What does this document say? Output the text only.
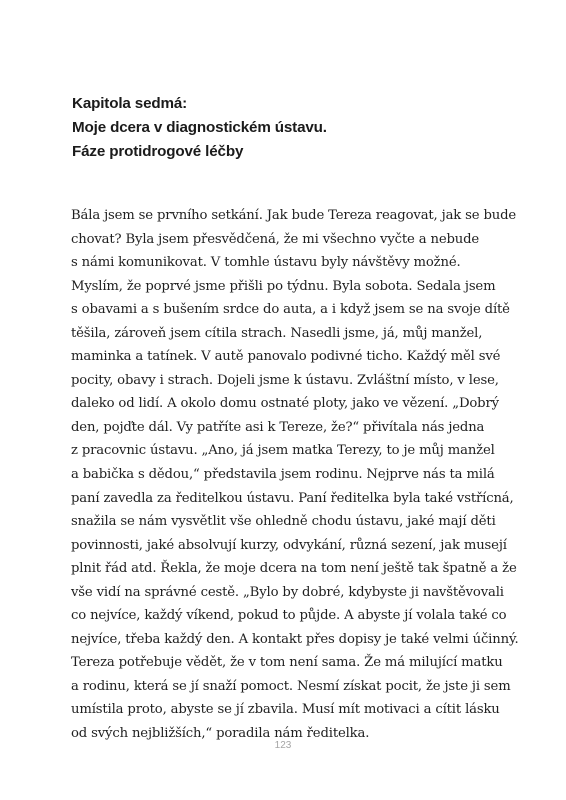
Kapitola sedmá:
Moje dcera v diagnostickém ústavu.
Fáze protidrogové léčby
Bála jsem se prvního setkání. Jak bude Tereza reagovat, jak se bude
chovat? Byla jsem přesvědčená, že mi všechno vyčte a nebude
s námi komunikovat. V tomhle ústavu byly návštěvy možné.
Myslím, že poprvé jsme přišli po týdnu. Byla sobota. Sedala jsem
s obavami a s bušením srdce do auta, a i když jsem se na svoje dítě
těšila, zároveň jsem cítila strach. Nasedli jsme, já, můj manžel,
maminka a tatínek. V autě panovalo podivné ticho. Každý měl své
pocity, obavy i strach. Dojeli jsme k ústavu. Zvláštní místo, v lese,
daleko od lidí. A okolo domu ostnaté ploty, jako ve vězení. „Dobrý
den, pojďte dál. Vy patříte asi k Tereze, že?“ přivítala nás jedna
z pracovnic ústavu. „Ano, já jsem matka Terezy, to je můj manžel
a babička s dědou,“ představila jsem rodinu. Nejprve nás ta milá
paní zavedla za ředitelkou ústavu. Paní ředitelka byla také vstřícná,
snažila se nám vysvětlit vše ohledně chodu ústavu, jaké mají děti
povinnosti, jaké absolvují kurzy, odvykání, různá sezení, jak musejí
plnit řád atd. Řekla, že moje dcera na tom není ještě tak špatně a že
vše vidí na správné cestě. „Bylo by dobré, kdybyste ji navštěvovali
co nejvíce, každý víkend, pokud to půjde. A abyste jí volala také co
nejvíce, třeba každý den. A kontakt přes dopisy je také velmi účinný.
Tereza potřebuje vědět, že v tom není sama. Že má milující matku
a rodinu, která se jí snaží pomoct. Nesmí získat pocit, že jste ji sem
umístila proto, abyste se jí zbavila. Musí mít motivaci a cítit lásku
od svých nejbližších,“ poradila nám ředitelka.
123
